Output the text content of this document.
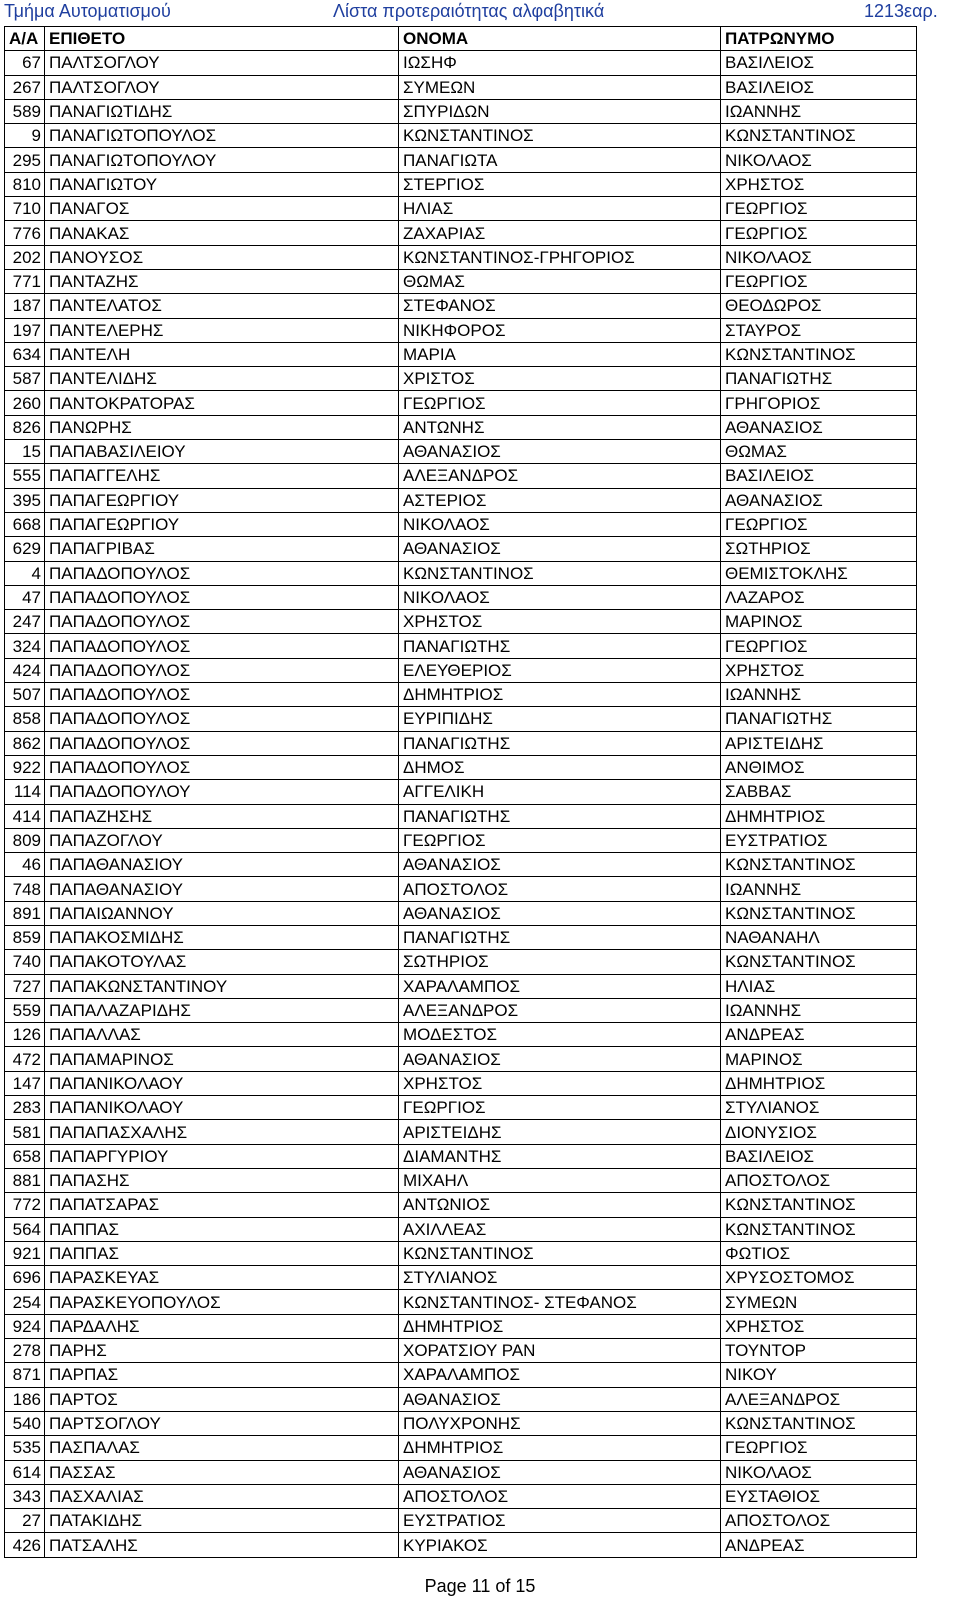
Τμήμα Αυτοματισμού	Λίστα προτεραιότητας αλφαβητικά	1213εαρ.
Α/Α	ΕΠΙΘΕΤΟ	ΟΝΟΜΑ	ΠΑΤΡΩΝΥΜΟ
67	ΠΑΛΤΣΟΓΛΟΥ	ΙΩΣΗΦ	ΒΑΣΙΛΕΙΟΣ
267	ΠΑΛΤΣΟΓΛΟΥ	ΣΥΜΕΩΝ	ΒΑΣΙΛΕΙΟΣ
589	ΠΑΝΑΓΙΩΤΙΔΗΣ	ΣΠΥΡΙΔΩΝ	ΙΩΑΝΝΗΣ
9	ΠΑΝΑΓΙΩΤΟΠΟΥΛΟΣ	ΚΩΝΣΤΑΝΤΙΝΟΣ	ΚΩΝΣΤΑΝΤΙΝΟΣ
295	ΠΑΝΑΓΙΩΤΟΠΟΥΛΟΥ	ΠΑΝΑΓΙΩΤΑ	ΝΙΚΟΛΑΟΣ
810	ΠΑΝΑΓΙΩΤΟΥ	ΣΤΕΡΓΙΟΣ	ΧΡΗΣΤΟΣ
710	ΠΑΝΑΓΟΣ	ΗΛΙΑΣ	ΓΕΩΡΓΙΟΣ
776	ΠΑΝΑΚΑΣ	ΖΑΧΑΡΙΑΣ	ΓΕΩΡΓΙΟΣ
202	ΠΑΝΟΥΣΟΣ	ΚΩΝΣΤΑΝΤΙΝΟΣ-ΓΡΗΓΟΡΙΟΣ	ΝΙΚΟΛΑΟΣ
771	ΠΑΝΤΑΖΗΣ	ΘΩΜΑΣ	ΓΕΩΡΓΙΟΣ
187	ΠΑΝΤΕΛΑΤΟΣ	ΣΤΕΦΑΝΟΣ	ΘΕΟΔΩΡΟΣ
197	ΠΑΝΤΕΛΕΡΗΣ	ΝΙΚΗΦΟΡΟΣ	ΣΤΑΥΡΟΣ
634	ΠΑΝΤΕΛΗ	ΜΑΡΙΑ	ΚΩΝΣΤΑΝΤΙΝΟΣ
587	ΠΑΝΤΕΛΙΔΗΣ	ΧΡΙΣΤΟΣ	ΠΑΝΑΓΙΩΤΗΣ
260	ΠΑΝΤΟΚΡΑΤΟΡΑΣ	ΓΕΩΡΓΙΟΣ	ΓΡΗΓΟΡΙΟΣ
826	ΠΑΝΩΡΗΣ	ΑΝΤΩΝΗΣ	ΑΘΑΝΑΣΙΟΣ
15	ΠΑΠΑΒΑΣΙΛΕΙΟΥ	ΑΘΑΝΑΣΙΟΣ	ΘΩΜΑΣ
555	ΠΑΠΑΓΓΕΛΗΣ	ΑΛΕΞΑΝΔΡΟΣ	ΒΑΣΙΛΕΙΟΣ
395	ΠΑΠΑΓΕΩΡΓΙΟΥ	ΑΣΤΕΡΙΟΣ	ΑΘΑΝΑΣΙΟΣ
668	ΠΑΠΑΓΕΩΡΓΙΟΥ	ΝΙΚΟΛΑΟΣ	ΓΕΩΡΓΙΟΣ
629	ΠΑΠΑΓΡΙΒΑΣ	ΑΘΑΝΑΣΙΟΣ	ΣΩΤΗΡΙΟΣ
4	ΠΑΠΑΔΟΠΟΥΛΟΣ	ΚΩΝΣΤΑΝΤΙΝΟΣ	ΘΕΜΙΣΤΟΚΛΗΣ
47	ΠΑΠΑΔΟΠΟΥΛΟΣ	ΝΙΚΟΛΑΟΣ	ΛΑΖΑΡΟΣ
247	ΠΑΠΑΔΟΠΟΥΛΟΣ	ΧΡΗΣΤΟΣ	ΜΑΡΙΝΟΣ
324	ΠΑΠΑΔΟΠΟΥΛΟΣ	ΠΑΝΑΓΙΩΤΗΣ	ΓΕΩΡΓΙΟΣ
424	ΠΑΠΑΔΟΠΟΥΛΟΣ	ΕΛΕΥΘΕΡΙΟΣ	ΧΡΗΣΤΟΣ
507	ΠΑΠΑΔΟΠΟΥΛΟΣ	ΔΗΜΗΤΡΙΟΣ	ΙΩΑΝΝΗΣ
858	ΠΑΠΑΔΟΠΟΥΛΟΣ	ΕΥΡΙΠΙΔΗΣ	ΠΑΝΑΓΙΩΤΗΣ
862	ΠΑΠΑΔΟΠΟΥΛΟΣ	ΠΑΝΑΓΙΩΤΗΣ	ΑΡΙΣΤΕΙΔΗΣ
922	ΠΑΠΑΔΟΠΟΥΛΟΣ	ΔΗΜΟΣ	ΑΝΘΙΜΟΣ
114	ΠΑΠΑΔΟΠΟΥΛΟΥ	ΑΓΓΕΛΙΚΗ	ΣΑΒΒΑΣ
414	ΠΑΠΑΖΗΣΗΣ	ΠΑΝΑΓΙΩΤΗΣ	ΔΗΜΗΤΡΙΟΣ
809	ΠΑΠΑΖΟΓΛΟΥ	ΓΕΩΡΓΙΟΣ	ΕΥΣΤΡΑΤΙΟΣ
46	ΠΑΠΑΘΑΝΑΣΙΟΥ	ΑΘΑΝΑΣΙΟΣ	ΚΩΝΣΤΑΝΤΙΝΟΣ
748	ΠΑΠΑΘΑΝΑΣΙΟΥ	ΑΠΟΣΤΟΛΟΣ	ΙΩΑΝΝΗΣ
891	ΠΑΠΑΙΩΑΝΝΟΥ	ΑΘΑΝΑΣΙΟΣ	ΚΩΝΣΤΑΝΤΙΝΟΣ
859	ΠΑΠΑΚΟΣΜΙΔΗΣ	ΠΑΝΑΓΙΩΤΗΣ	ΝΑΘΑΝΑΗΛ
740	ΠΑΠΑΚΟΤΟΥΛΑΣ	ΣΩΤΗΡΙΟΣ	ΚΩΝΣΤΑΝΤΙΝΟΣ
727	ΠΑΠΑΚΩΝΣΤΑΝΤΙΝΟΥ	ΧΑΡΑΛΑΜΠΟΣ	ΗΛΙΑΣ
559	ΠΑΠΑΛΑΖΑΡΙΔΗΣ	ΑΛΕΞΑΝΔΡΟΣ	ΙΩΑΝΝΗΣ
126	ΠΑΠΑΛΛΑΣ	ΜΟΔΕΣΤΟΣ	ΑΝΔΡΕΑΣ
472	ΠΑΠΑΜΑΡΙΝΟΣ	ΑΘΑΝΑΣΙΟΣ	ΜΑΡΙΝΟΣ
147	ΠΑΠΑΝΙΚΟΛΑΟΥ	ΧΡΗΣΤΟΣ	ΔΗΜΗΤΡΙΟΣ
283	ΠΑΠΑΝΙΚΟΛΑΟΥ	ΓΕΩΡΓΙΟΣ	ΣΤΥΛΙΑΝΟΣ
581	ΠΑΠΑΠΑΣΧΑΛΗΣ	ΑΡΙΣΤΕΙΔΗΣ	ΔΙΟΝΥΣΙΟΣ
658	ΠΑΠΑΡΓΥΡΙΟΥ	ΔΙΑΜΑΝΤΗΣ	ΒΑΣΙΛΕΙΟΣ
881	ΠΑΠΑΣΗΣ	ΜΙΧΑΗΛ	ΑΠΟΣΤΟΛΟΣ
772	ΠΑΠΑΤΣΑΡΑΣ	ΑΝΤΩΝΙΟΣ	ΚΩΝΣΤΑΝΤΙΝΟΣ
564	ΠΑΠΠΑΣ	ΑΧΙΛΛΕΑΣ	ΚΩΝΣΤΑΝΤΙΝΟΣ
921	ΠΑΠΠΑΣ	ΚΩΝΣΤΑΝΤΙΝΟΣ	ΦΩΤΙΟΣ
696	ΠΑΡΑΣΚΕΥΑΣ	ΣΤΥΛΙΑΝΟΣ	ΧΡΥΣΟΣΤΟΜΟΣ
254	ΠΑΡΑΣΚΕΥΟΠΟΥΛΟΣ	ΚΩΝΣΤΑΝΤΙΝΟΣ- ΣΤΕΦΑΝΟΣ	ΣΥΜΕΩΝ
924	ΠΑΡΔΑΛΗΣ	ΔΗΜΗΤΡΙΟΣ	ΧΡΗΣΤΟΣ
278	ΠΑΡΗΣ	ΧΟΡΑΤΣΙΟΥ ΡΑΝ	ΤΟΥΝΤΟΡ
871	ΠΑΡΠΑΣ	ΧΑΡΑΛΑΜΠΟΣ	ΝΙΚΟΥ
186	ΠΑΡΤΟΣ	ΑΘΑΝΑΣΙΟΣ	ΑΛΕΞΑΝΔΡΟΣ
540	ΠΑΡΤΣΟΓΛΟΥ	ΠΟΛΥΧΡΟΝΗΣ	ΚΩΝΣΤΑΝΤΙΝΟΣ
535	ΠΑΣΠΑΛΑΣ	ΔΗΜΗΤΡΙΟΣ	ΓΕΩΡΓΙΟΣ
614	ΠΑΣΣΑΣ	ΑΘΑΝΑΣΙΟΣ	ΝΙΚΟΛΑΟΣ
343	ΠΑΣΧΑΛΙΑΣ	ΑΠΟΣΤΟΛΟΣ	ΕΥΣΤΑΘΙΟΣ
27	ΠΑΤΑΚΙΔΗΣ	ΕΥΣΤΡΑΤΙΟΣ	ΑΠΟΣΤΟΛΟΣ
426	ΠΑΤΣΑΛΗΣ	ΚΥΡΙΑΚΟΣ	ΑΝΔΡΕΑΣ
Page 11 of 15
